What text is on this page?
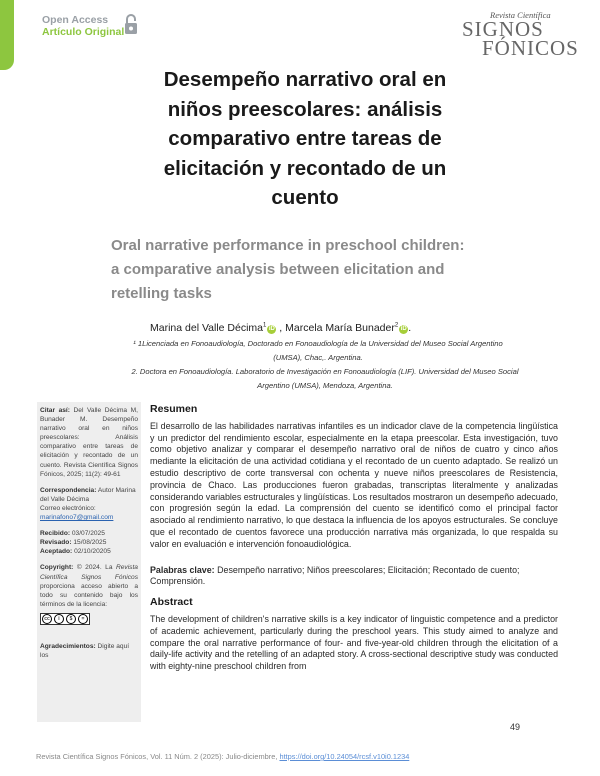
Open Access
Artículo Original
Revista Científica
SIGNOS
FÓNICOS
Desempeño narrativo oral en
niños preescolares: análisis
comparativo entre tareas de
elicitación y recontado de un
cuento
Oral narrative performance in preschool children:
a comparative analysis between elicitation and
retelling tasks
Marina del Valle Décima$^1$iD , Marcela María Bunader$^2$iD .
¹ 1Licenciada en Fonoaudiología, Doctorado en Fonoaudiología de la Universidad del Museo Social Argentino
(UMSA), Chac,. Argentina.
2. Doctora en Fonoaudiología. Laboratorio de Investigación en Fonoaudiología (LIF). Universidad del Museo Social
Argentino (UMSA), Mendoza, Argentina.

Citar así: Del Valle Décima M, Bunader M. Desempeño narrativo oral en niños preescolares: Análisis comparativo entre tareas de elicitación y recontado de un cuento. Revista Científica Signos Fónicos, 2025; 11(2): 49-61

Correspondencia: Autor Marina del Valle Décima
Correo electrónico:
marinafono7@gmail.com

Recibido: 03/07/2025
Revisado: 15/08/2025
Aceptado: 02/10/20205

Copyright: © 2024. La Revista Científica Signos Fónicos proporciona acceso abierto a todo su contenido bajo los términos de la licencia:

cc	i	$	=

Agradecimientos: Digite aquí los

Resumen
El desarrollo de las habilidades narrativas infantiles es un indicador clave de la competencia lingüística y un predictor del rendimiento escolar, especialmente en la etapa preescolar. Esta investigación, tuvo como objetivo analizar y comparar el desempeño narrativo oral de niños de cuatro y cinco años mediante la elicitación de una actividad cotidiana y el recontado de un cuento adaptado. Se realizó un estudio descriptivo de corte transversal con ochenta y nueve niños preescolares de Resistencia, provincia de Chaco. Las producciones fueron grabadas, transcriptas literalmente y analizadas considerando variables estructurales y lingüísticas. Los resultados mostraron un desempeño adecuado, con progresión según la edad. La comprensión del cuento se identificó como el principal factor asociado al rendimiento narrativo, lo que destaca la influencia de los apoyos estructurales. Se concluye que el recontado de cuentos favorece una producción narrativa más organizada, lo que respalda su valor en evaluación e intervención fonoaudiológica.
Palabras clave: Desempeño narrativo; Niños preescolares; Elicitación; Recontado de cuento; Comprensión.
Abstract
The development of children's narrative skills is a key indicator of linguistic competence and a predictor of academic achievement, particularly during the preschool years. This study aimed to analyze and compare the oral narrative performance of four- and five-year-old children through the elicitation of a daily-life activity and the retelling of an adapted story. A cross-sectional descriptive study was conducted with eighty-nine preschool children from
49
Revista Científica Signos Fónicos, Vol. 11 Núm. 2 (2025): Julio-diciembre, https://doi.org/10.24054/rcsf.v10i0.1234
